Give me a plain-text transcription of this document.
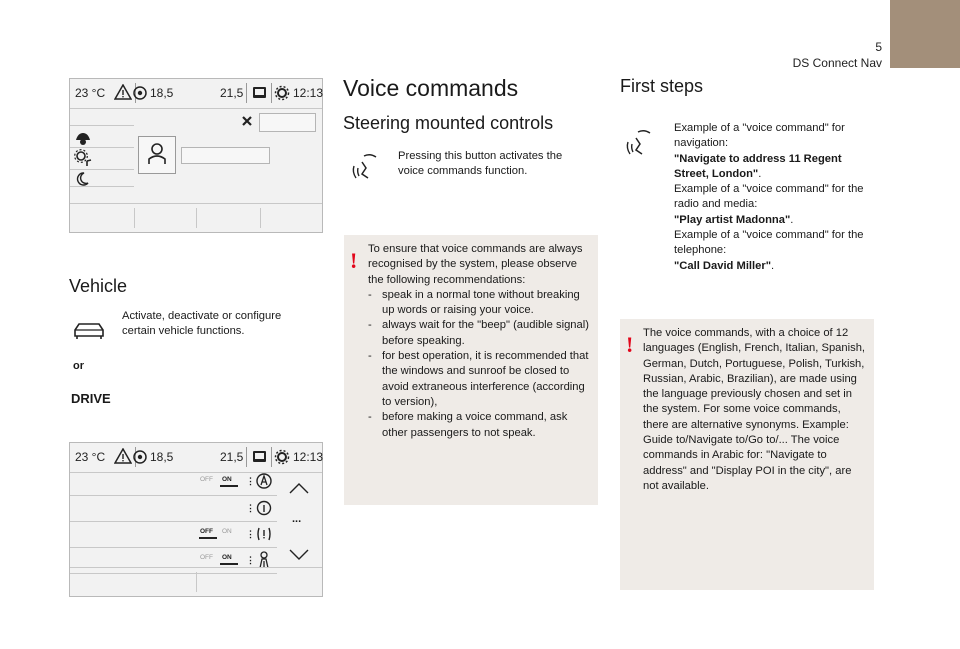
5
DS Connect Nav
23 °C	18,5	21,5	12:13
Vehicle
Activate, deactivate or configure certain vehicle functions.
or
DRIVE
23 °C	18,5	21,5	12:13
OFF ON ⋮
⋮
OFF ON ⋮
OFF ON ⋮
...
Voice commands
Steering mounted controls
Pressing this button activates the voice commands function.
! To ensure that voice commands are always recognised by the system, please observe the following recommendations:
- speak in a normal tone without breaking up words or raising your voice.
- always wait for the "beep" (audible signal) before speaking.
- for best operation, it is recommended that the windows and sunroof be closed to avoid extraneous interference (according to version),
- before making a voice command, ask other passengers to not speak.
First steps
Example of a "voice command" for navigation:
"Navigate to address 11 Regent Street, London".
Example of a "voice command" for the radio and media:
"Play artist Madonna".
Example of a "voice command" for the telephone:
"Call David Miller".
! The voice commands, with a choice of 12 languages (English, French, Italian, Spanish, German, Dutch, Portuguese, Polish, Turkish, Russian, Arabic, Brazilian), are made using the language previously chosen and set in the system. For some voice commands, there are alternative synonyms. Example: Guide to/Navigate to/Go to/... The voice commands in Arabic for: "Navigate to address" and "Display POI in the city", are not available.
